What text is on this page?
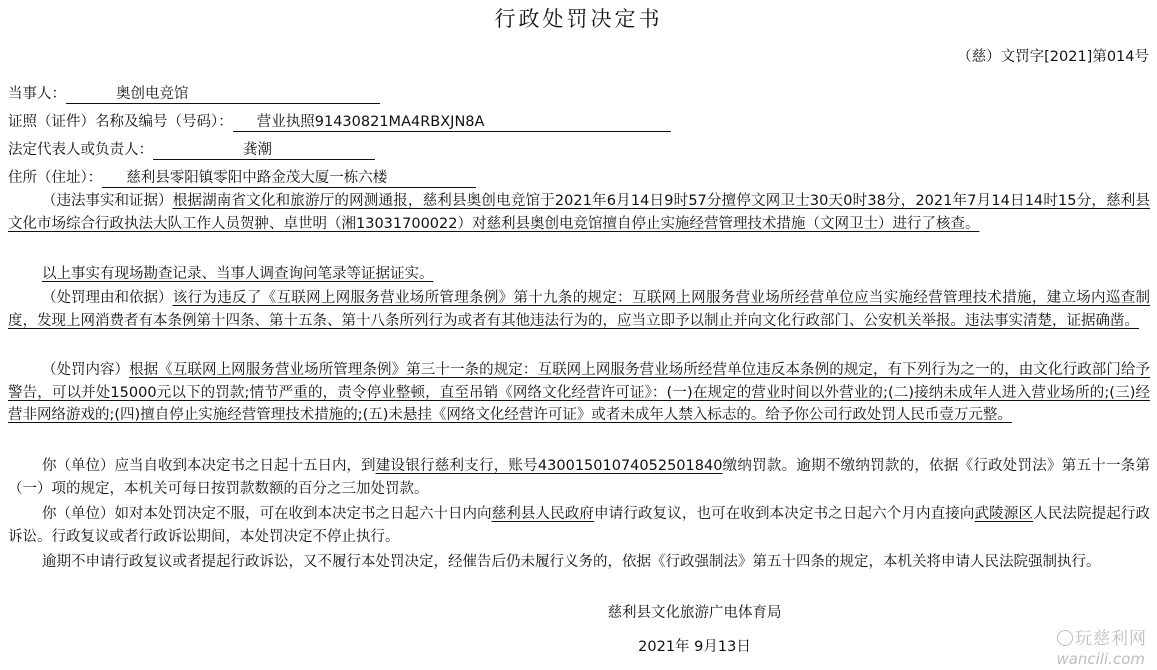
行政处罚决定书
（慈）文罚字[2021]第014号
当事人：	奥创电竞馆
证照（证件）名称及编号（号码）： 营业执照91430821MA4RBXJN8A
法定代表人或负责人：	龚潮
住所（住址）： 慈利县零阳镇零阳中路金茂大厦一栋六楼
（违法事实和证据）根据湖南省文化和旅游厅的网测通报，慈利县奥创电竞馆于2021年6月14日9时57分擅停文网卫士30天0时38分，2021年7月14日14时15分，慈利县文化市场综合行政执法大队工作人员贺翀、卓世明（湘13031700022）对慈利县奥创电竞馆擅自停止实施经营管理技术措施（文网卫士）进行了核查。
以上事实有现场勘查记录、当事人调查询问笔录等证据证实。
（处罚理由和依据）该行为违反了《互联网上网服务营业场所管理条例》第十九条的规定：互联网上网服务营业场所经营单位应当实施经营管理技术措施，建立场内巡查制度，发现上网消费者有本条例第十四条、第十五条、第十八条所列行为或者有其他违法行为的，应当立即予以制止并向文化行政部门、公安机关举报。违法事实清楚，证据确凿。
（处罚内容）根据《互联网上网服务营业场所管理条例》第三十一条的规定：互联网上网服务营业场所经营单位违反本条例的规定，有下列行为之一的，由文化行政部门给予警告，可以并处15000元以下的罚款;情节严重的，责令停业整顿，直至吊销《网络文化经营许可证》：(一)在规定的营业时间以外营业的;(二)接纳未成年人进入营业场所的;(三)经营非网络游戏的;(四)擅自停止实施经营管理技术措施的;(五)未悬挂《网络文化经营许可证》或者未成年人禁入标志的。给予你公司行政处罚人民币壹万元整。
你（单位）应当自收到本决定书之日起十五日内，到建设银行慈利支行，账号43001501074052501840缴纳罚款。逾期不缴纳罚款的，依据《行政处罚法》第五十一条第（一）项的规定，本机关可每日按罚款数额的百分之三加处罚款。
你（单位）如对本处罚决定不服，可在收到本决定书之日起六十日内向慈利县人民政府申请行政复议，也可在收到本决定书之日起六个月内直接向武陵源区人民法院提起行政诉讼。行政复议或者行政诉讼期间，本处罚决定不停止执行。
逾期不申请行政复议或者提起行政诉讼，又不履行本处罚决定，经催告后仍未履行义务的，依据《行政强制法》第五十四条的规定，本机关将申请人民法院强制执行。
慈利县文化旅游广电体育局
2021年 9月13日	玩慈利网
wancili.com
